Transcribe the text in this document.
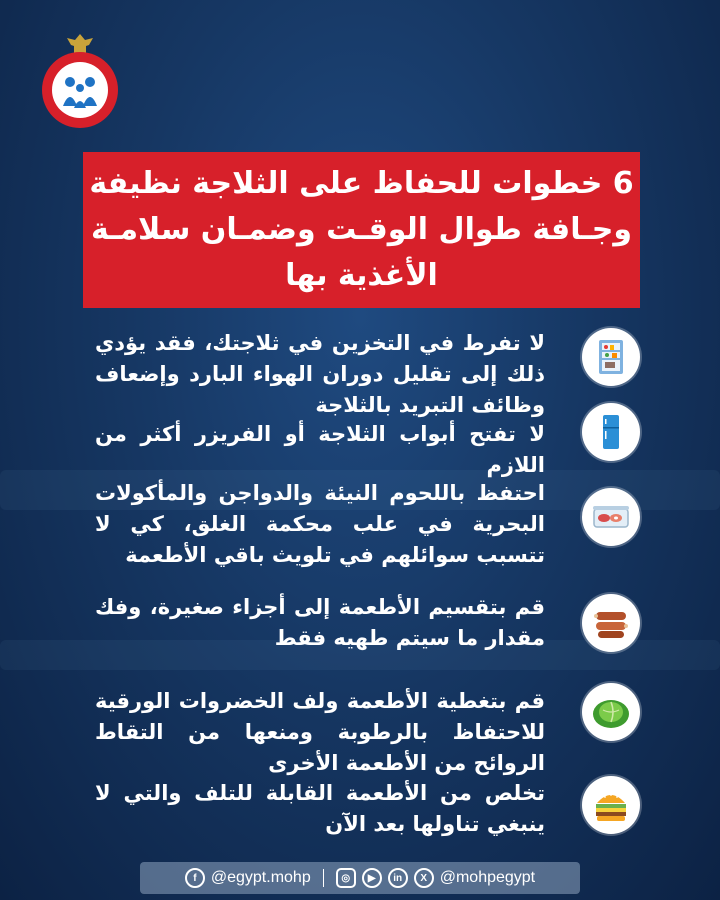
6 خطوات للحفاظ على الثلاجة نظيفة
وجـافة طوال الوقـت وضمـان سلامـة
الأغذية بها
لا تفرط في التخزين في ثلاجتك، فقد يؤدي ذلك إلى تقليل دوران الهواء البارد وإضعاف وظائف التبريد بالثلاجة
لا تفتح أبواب الثلاجة أو الفريزر أكثر من اللازم
احتفظ باللحوم النيئة والدواجن والمأكولات البحرية في علب محكمة الغلق، كي لا تتسبب سوائلهم في تلويث باقي الأطعمة
قم بتقسيم الأطعمة إلى أجزاء صغيرة، وفك مقدار ما سيتم طهيه فقط
قم بتغطية الأطعمة ولف الخضروات الورقية للاحتفاظ بالرطوبة ومنعها من التقاط الروائح من الأطعمة الأخرى
تخلص من الأطعمة القابلة للتلف والتي لا ينبغي تناولها بعد الآن
f @egypt.mohp	◎	▶	in	X @mohpegypt
